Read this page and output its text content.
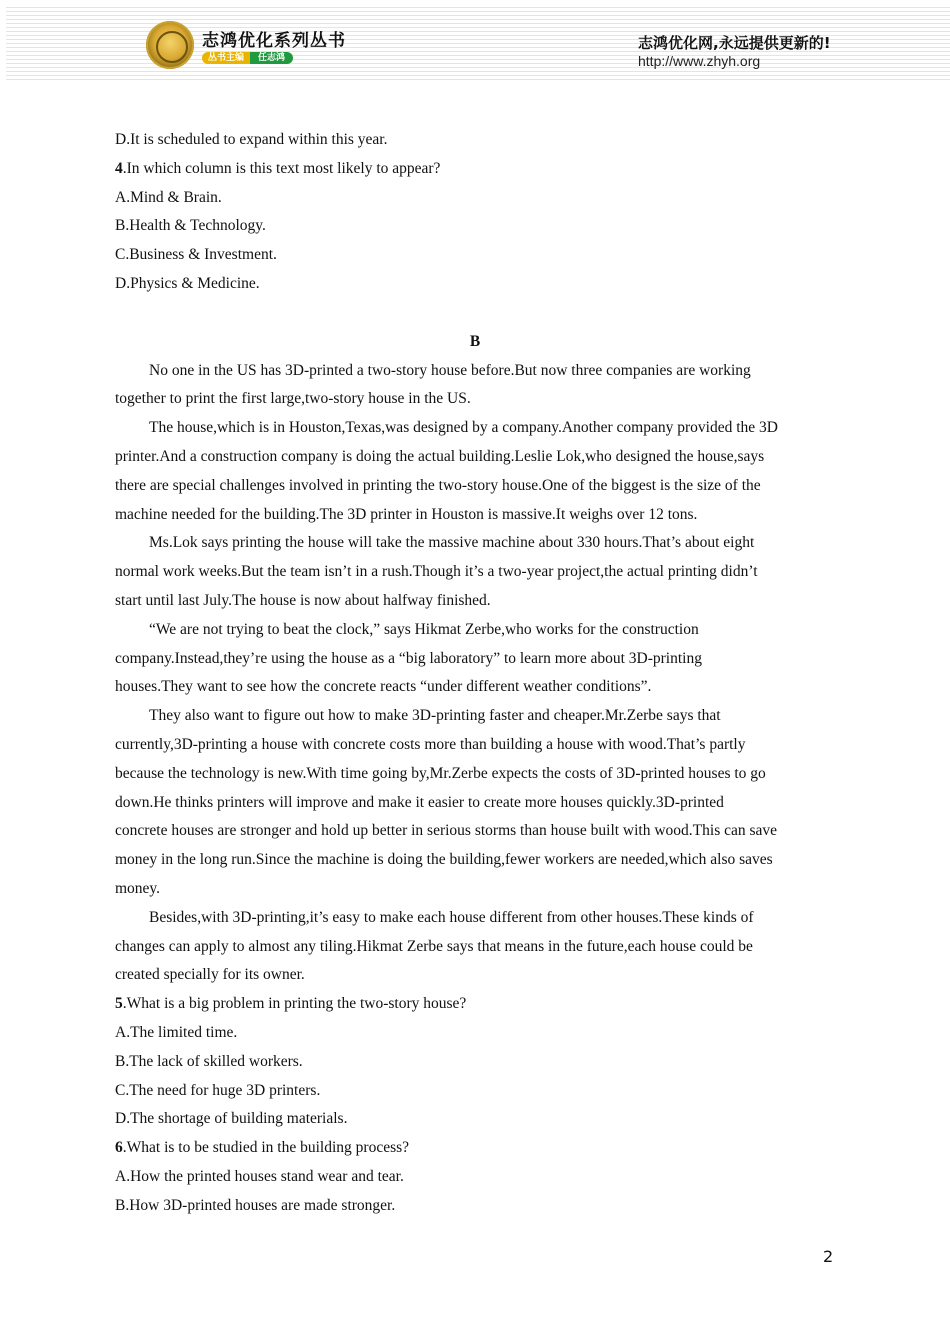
志鸿优化系列丛书
丛书主编	任志鸿
志鸿优化网,永远提供更新的!
http://www.zhyh.org

D.It is scheduled to expand within this year.

4.In which column is this text most likely to appear?

A.Mind & Brain.

B.Health & Technology.

C.Business & Investment.

D.Physics & Medicine.

B

No one in the US has 3D-printed a two-story house before.But now three companies are working

together to print the first large,two-story house in the US.

The house,which is in Houston,Texas,was designed by a company.Another company provided the 3D

printer.And a construction company is doing the actual building.Leslie Lok,who designed the house,says

there are special challenges involved in printing the two-story house.One of the biggest is the size of the

machine needed for the building.The 3D printer in Houston is massive.It weighs over 12 tons.

Ms.Lok says printing the house will take the massive machine about 330 hours.That’s about eight

normal work weeks.But the team isn’t in a rush.Though it’s a two-year project,the actual printing didn’t

start until last July.The house is now about halfway finished.

“We are not trying to beat the clock,” says Hikmat Zerbe,who works for the construction

company.Instead,they’re using the house as a “big laboratory” to learn more about 3D-printing

houses.They want to see how the concrete reacts “under different weather conditions”.

They also want to figure out how to make 3D-printing faster and cheaper.Mr.Zerbe says that

currently,3D-printing a house with concrete costs more than building a house with wood.That’s partly

because the technology is new.With time going by,Mr.Zerbe expects the costs of 3D-printed houses to go

down.He thinks printers will improve and make it easier to create more houses quickly.3D-printed

concrete houses are stronger and hold up better in serious storms than house built with wood.This can save

money in the long run.Since the machine is doing the building,fewer workers are needed,which also saves

money.

Besides,with 3D-printing,it’s easy to make each house different from other houses.These kinds of

changes can apply to almost any tiling.Hikmat Zerbe says that means in the future,each house could be

created specially for its owner.

5.What is a big problem in printing the two-story house?

A.The limited time.

B.The lack of skilled workers.

C.The need for huge 3D printers.

D.The shortage of building materials.

6.What is to be studied in the building process?

A.How the printed houses stand wear and tear.

B.How 3D-printed houses are made stronger.

2
